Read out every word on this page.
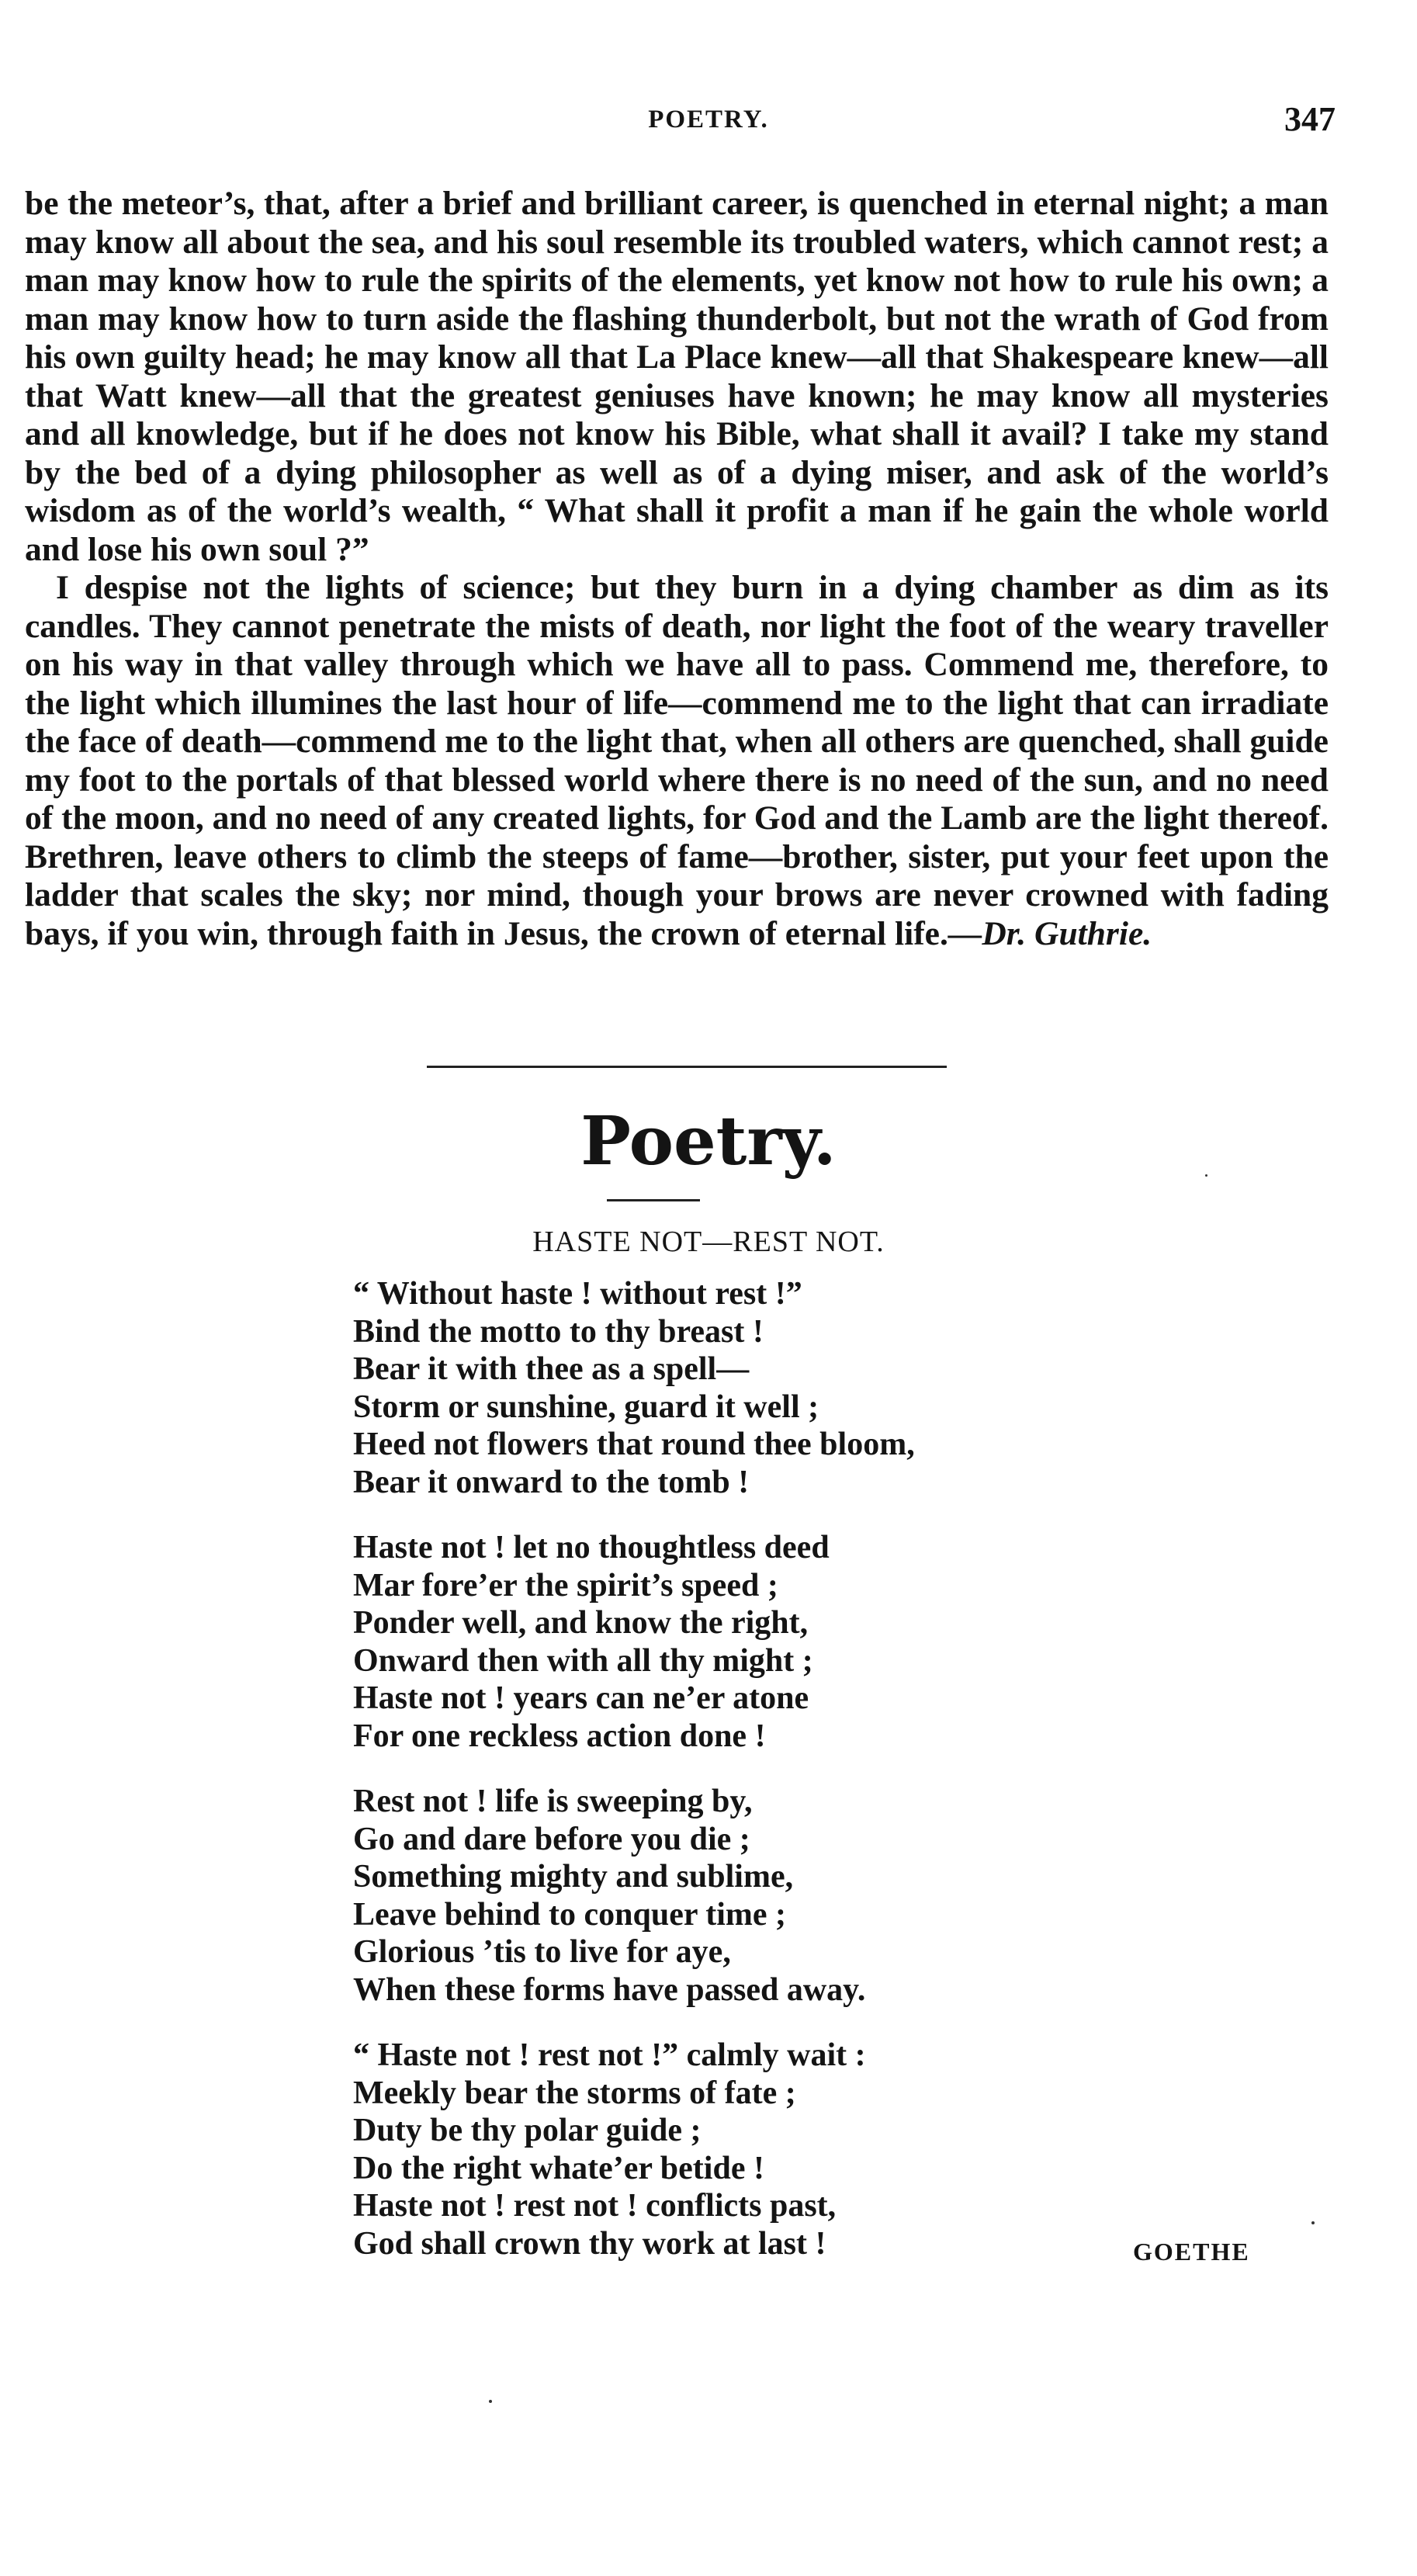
POETRY.	347

be the meteor’s, that, after a brief and brilliant career, is quenched in eternal night; a man may know all about the sea, and his soul resemble its troubled waters, which cannot rest; a man may know how to rule the spirits of the elements, yet know not how to rule his own; a man may know how to turn aside the flashing thunderbolt, but not the wrath of God from his own guilty head; he may know all that La Place knew—all that Shakespeare knew—all that Watt knew—all that the greatest geniuses have known; he may know all mysteries and all knowledge, but if he does not know his Bible, what shall it avail? I take my stand by the bed of a dying philosopher as well as of a dying miser, and ask of the world’s wisdom as of the world’s wealth, “ What shall it profit a man if he gain the whole world and lose his own soul ?”

I despise not the lights of science; but they burn in a dying chamber as dim as its candles. They cannot penetrate the mists of death, nor light the foot of the weary traveller on his way in that valley through which we have all to pass. Commend me, therefore, to the light which illumines the last hour of life—commend me to the light that can irradiate the face of death—commend me to the light that, when all others are quenched, shall guide my foot to the portals of that blessed world where there is no need of the sun, and no need of the moon, and no need of any created lights, for God and the Lamb are the light thereof. Brethren, leave others to climb the steeps of fame—brother, sister, put your feet upon the ladder that scales the sky; nor mind, though your brows are never crowned with fading bays, if you win, through faith in Jesus, the crown of eternal life.—Dr. Guthrie.

Poetry.
HASTE NOT—REST NOT.
“ Without haste ! without rest !”
Bind the motto to thy breast !
Bear it with thee as a spell—
Storm or sunshine, guard it well ;
Heed not flowers that round thee bloom,
Bear it onward to the tomb !
Haste not ! let no thoughtless deed
Mar fore’er the spirit’s speed ;
Ponder well, and know the right,
Onward then with all thy might ;
Haste not ! years can ne’er atone
For one reckless action done !
Rest not ! life is sweeping by,
Go and dare before you die ;
Something mighty and sublime,
Leave behind to conquer time ;
Glorious ’tis to live for aye,
When these forms have passed away.
“ Haste not ! rest not !” calmly wait :
Meekly bear the storms of fate ;
Duty be thy polar guide ;
Do the right whate’er betide !
Haste not ! rest not ! conflicts past,
God shall crown thy work at last !	GOETHE
